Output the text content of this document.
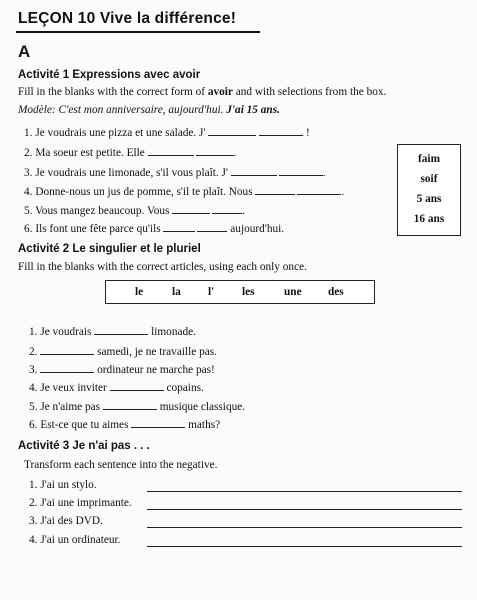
LEÇON 10 Vive la différence!
A
Activité 1 Expressions avec avoir
Fill in the blanks with the correct form of avoir and with selections from the box.
Modèle: C'est mon anniversaire, aujourd'hui. J'ai 15 ans.
1. Je voudrais une pizza et une salade. J'	!
2. Ma soeur est petite. Elle	.
3. Je voudrais une limonade, s'il vous plaît. J'	.
4. Donne-nous un jus de pomme, s'il te plaît. Nous	.
5. Vous mangez beaucoup. Vous	.
6. Ils font une fête parce qu'ils	aujourd'hui.
faim
soif
5 ans
16 ans
Activité 2 Le singulier et le pluriel
Fill in the blanks with the correct articles, using each only once.
le	la l' les	une des
1. Je voudrais	limonade.
2.	samedi, je ne travaille pas.
3.	ordinateur ne marche pas!
4. Je veux inviter	copains.
5. Je n'aime pas	musique classique.
6. Est-ce que tu aimes	maths?
Activité 3 Je n'ai pas . . .
Transform each sentence into the negative.
1. J'ai un stylo.
2. J'ai une imprimante.
3. J'ai des DVD.
4. J'ai un ordinateur.
